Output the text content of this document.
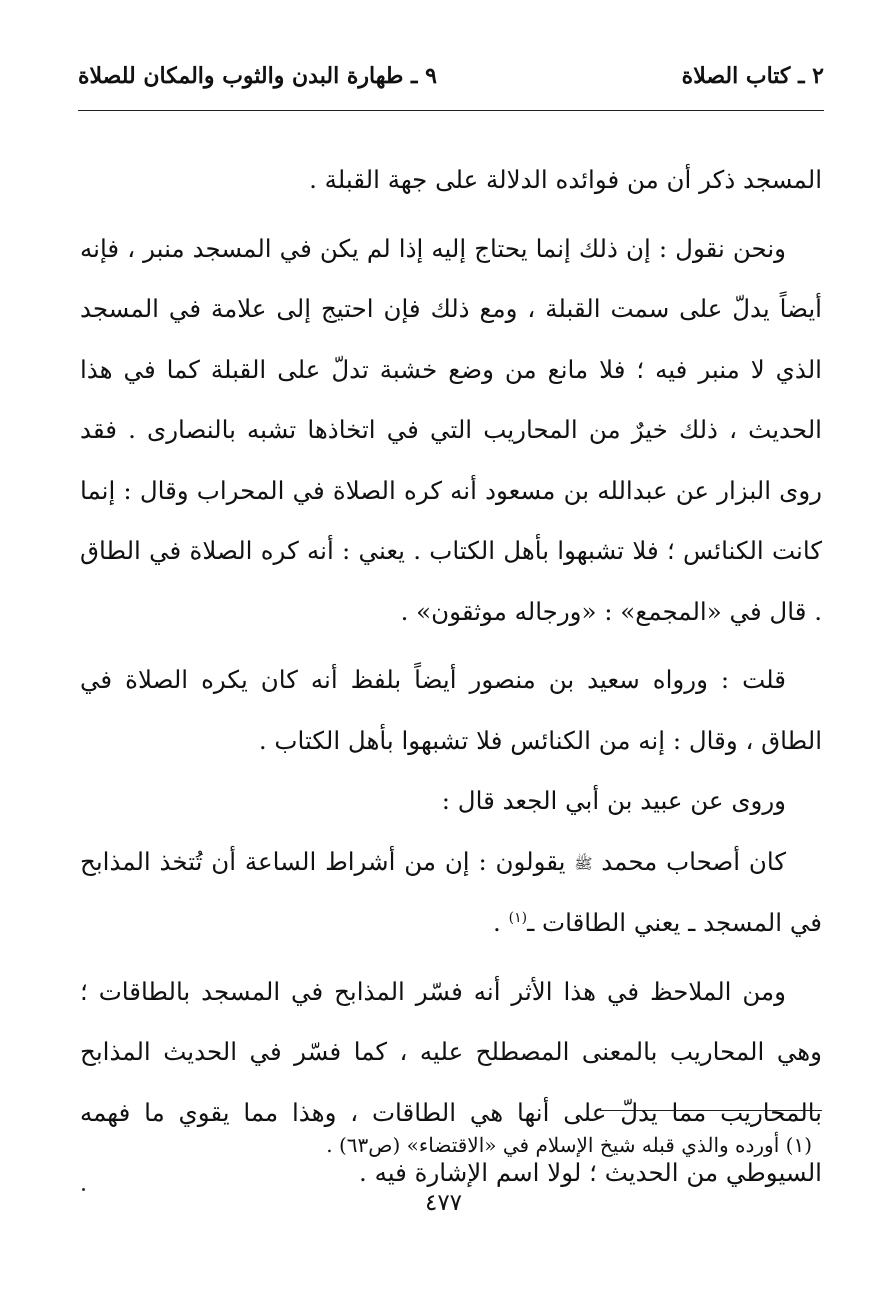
٢ ـ كتاب الصلاة
٩ ـ طهارة البدن والثوب والمكان للصلاة

المسجد ذكر أن من فوائده الدلالة على جهة القبلة .

ونحن نقول : إن ذلك إنما يحتاج إليه إذا لم يكن في المسجد منبر ، فإنه أيضاً يدلّ على سمت القبلة ، ومع ذلك فإن احتيج إلى علامة في المسجد الذي لا منبر فيه ؛ فلا مانع من وضع خشبة تدلّ على القبلة كما في هذا الحديث ، ذلك خيرٌ من المحاريب التي في اتخاذها تشبه بالنصارى . فقد روى البزار عن عبدالله بن مسعود أنه كره الصلاة في المحراب وقال : إنما كانت الكنائس ؛ فلا تشبهوا بأهل الكتاب . يعني : أنه كره الصلاة في الطاق . قال في «المجمع» : «ورجاله موثقون» .

قلت : ورواه سعيد بن منصور أيضاً بلفظ أنه كان يكره الصلاة في الطاق ، وقال : إنه من الكنائس فلا تشبهوا بأهل الكتاب .

وروى عن عبيد بن أبي الجعد قال :

كان أصحاب محمد ﷺ يقولون : إن من أشراط الساعة أن تُتخذ المذابح في المسجد ـ يعني الطاقات ـ$^{(١)}$ .

ومن الملاحظ في هذا الأثر أنه فسّر المذابح في المسجد بالطاقات ؛ وهي المحاريب بالمعنى المصطلح عليه ، كما فسّر في الحديث المذابح بالمحاريب مما يدلّ على أنها هي الطاقات ، وهذا مما يقوي ما فهمه السيوطي من الحديث ؛ لولا اسم الإشارة فيه .

(١) أورده والذي قبله شيخ الإسلام في «الاقتضاء» (ص٦٣) .
٤٧٧
